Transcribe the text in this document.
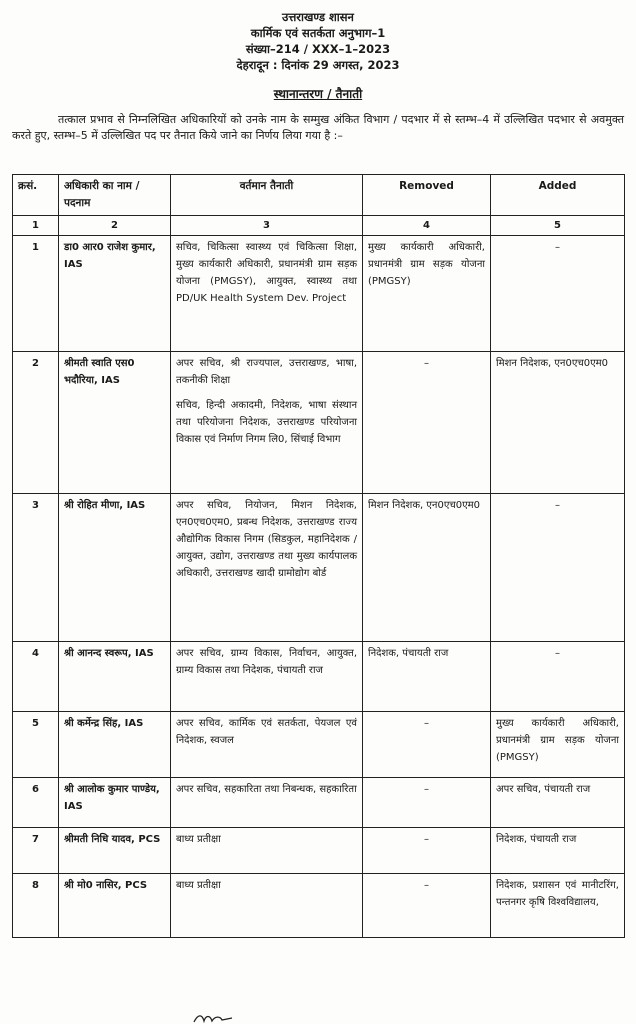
उत्तराखण्ड शासन
कार्मिक एवं सतर्कता अनुभाग–1
संख्या–214 / XXX–1–2023
देहरादून : दिनांक 29 अगस्त, 2023
स्थानान्तरण / तैनाती
तत्काल प्रभाव से निम्नलिखित अधिकारियों को उनके नाम के सम्मुख अंकित विभाग / पदभार में से स्तम्भ–4 में उल्लिखित पदभार से अवमुक्त करते हुए, स्तम्भ–5 में उल्लिखित पद पर तैनात किये जाने का निर्णय लिया गया है :–
क्रसं.	अधिकारी का नाम / पदनाम	वर्तमान तैनाती	Removed	Added
1	2	3	4	5
1	डा0 आर0 राजेश कुमार, IAS	सचिव, चिकित्सा स्वास्थ्य एवं चिकित्सा शिक्षा, मुख्य कार्यकारी अधिकारी, प्रधानमंत्री ग्राम सड़क योजना (PMGSY), आयुक्त, स्वास्थ्य तथा PD/UK Health System Dev. Project	मुख्य कार्यकारी अधिकारी, प्रधानमंत्री ग्राम सड़क योजना (PMGSY)	–
2	श्रीमती स्वाति एस0 भदौरिया, IAS	अपर सचिव, श्री राज्यपाल, उत्तराखण्ड, भाषा, तकनीकी शिक्षा
सचिव, हिन्दी अकादमी, निदेशक, भाषा संस्थान तथा परियोजना निदेशक, उत्तराखण्ड परियोजना विकास एवं निर्माण निगम लि0, सिंचाई विभाग	–	मिशन निदेशक, एन0एच0एम0
3	श्री रोहित मीणा, IAS	अपर सचिव, नियोजन, मिशन निदेशक, एन0एच0एम0, प्रबन्ध निदेशक, उत्तराखण्ड राज्य औद्योगिक विकास निगम (सिडकुल, महानिदेशक / आयुक्त, उद्योग, उत्तराखण्ड तथा मुख्य कार्यपालक अधिकारी, उत्तराखण्ड खादी ग्रामोद्योग बोर्ड	मिशन निदेशक, एन0एच0एम0	–
4	श्री आनन्द स्वरूप, IAS	अपर सचिव, ग्राम्य विकास, निर्वाचन, आयुक्त, ग्राम्य विकास तथा निदेशक, पंचायती राज	निदेशक, पंचायती राज	–
5	श्री कर्मेन्द्र सिंह, IAS	अपर सचिव, कार्मिक एवं सतर्कता, पेयजल एवं निदेशक, स्वजल	–	मुख्य कार्यकारी अधिकारी, प्रधानमंत्री ग्राम सड़क योजना (PMGSY)
6	श्री आलोक कुमार पाण्डेय, IAS	अपर सचिव, सहकारिता तथा निबन्धक, सहकारिता	–	अपर सचिव, पंचायती राज
7	श्रीमती निधि यादव, PCS	बाध्य प्रतीक्षा	–	निदेशक, पंचायती राज
8	श्री मो0 नासिर, PCS	बाध्य प्रतीक्षा	–	निदेशक, प्रशासन एवं मानीटरिंग, पन्तनगर कृषि विश्वविद्यालय,
